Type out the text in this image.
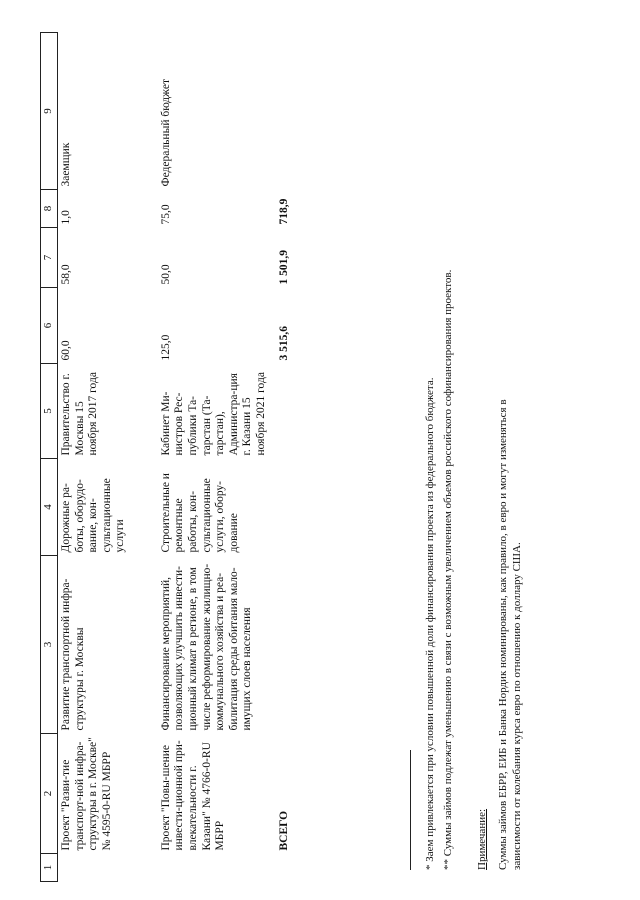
1	2	3	4	5	6	7	8	9
	Проект "Разви-тие транспорт-ной инфра-структуры в г. Москве" № 4595-0-RU МБРР	Развитие транспортной инфра-структуры г. Москвы	Дорожные ра-боты, оборудо-вание, кон-сультационные услуги	Правительство г. Москвы 15 ноября 2017 года	60,0	58,0	1,0	Заемщик

	Проект "Повы-шение инвести-ционной при-влекательности г. Казани" № 4766-0-RU МБРР	Финансирование мероприятий, позволяющих улучшить инвести-ционный климат в регионе, в том числе реформирование жилищно-коммунального хозяйства и реа-билитация среды обитания мало-имущих слоев населения	Строительные и ремонтные работы, кон-сультационные услуги, обору-дование	Кабинет Ми-нистров Рес-публики Та-тарстан (Та-тарстан), Администра-ция г. Казани 15 ноября 2021 года	125,0	50,0	75,0	Федеральный бюджет
	ВСЕГО				3 515,6	1 501,9	718,9	
* Заем привлекается при условии повышенной доли финансирования проекта из федерального бюджета. ** Суммы займов подлежат уменьшению в связи с возможным увеличением объемов российского софинансирования проектов. Примечание: Суммы займов ЕБРР, ЕИБ и Банка Нордик номинированы, как правило, в евро и могут изменяться в зависимости от колебания курса евро по отношению к доллару США.
